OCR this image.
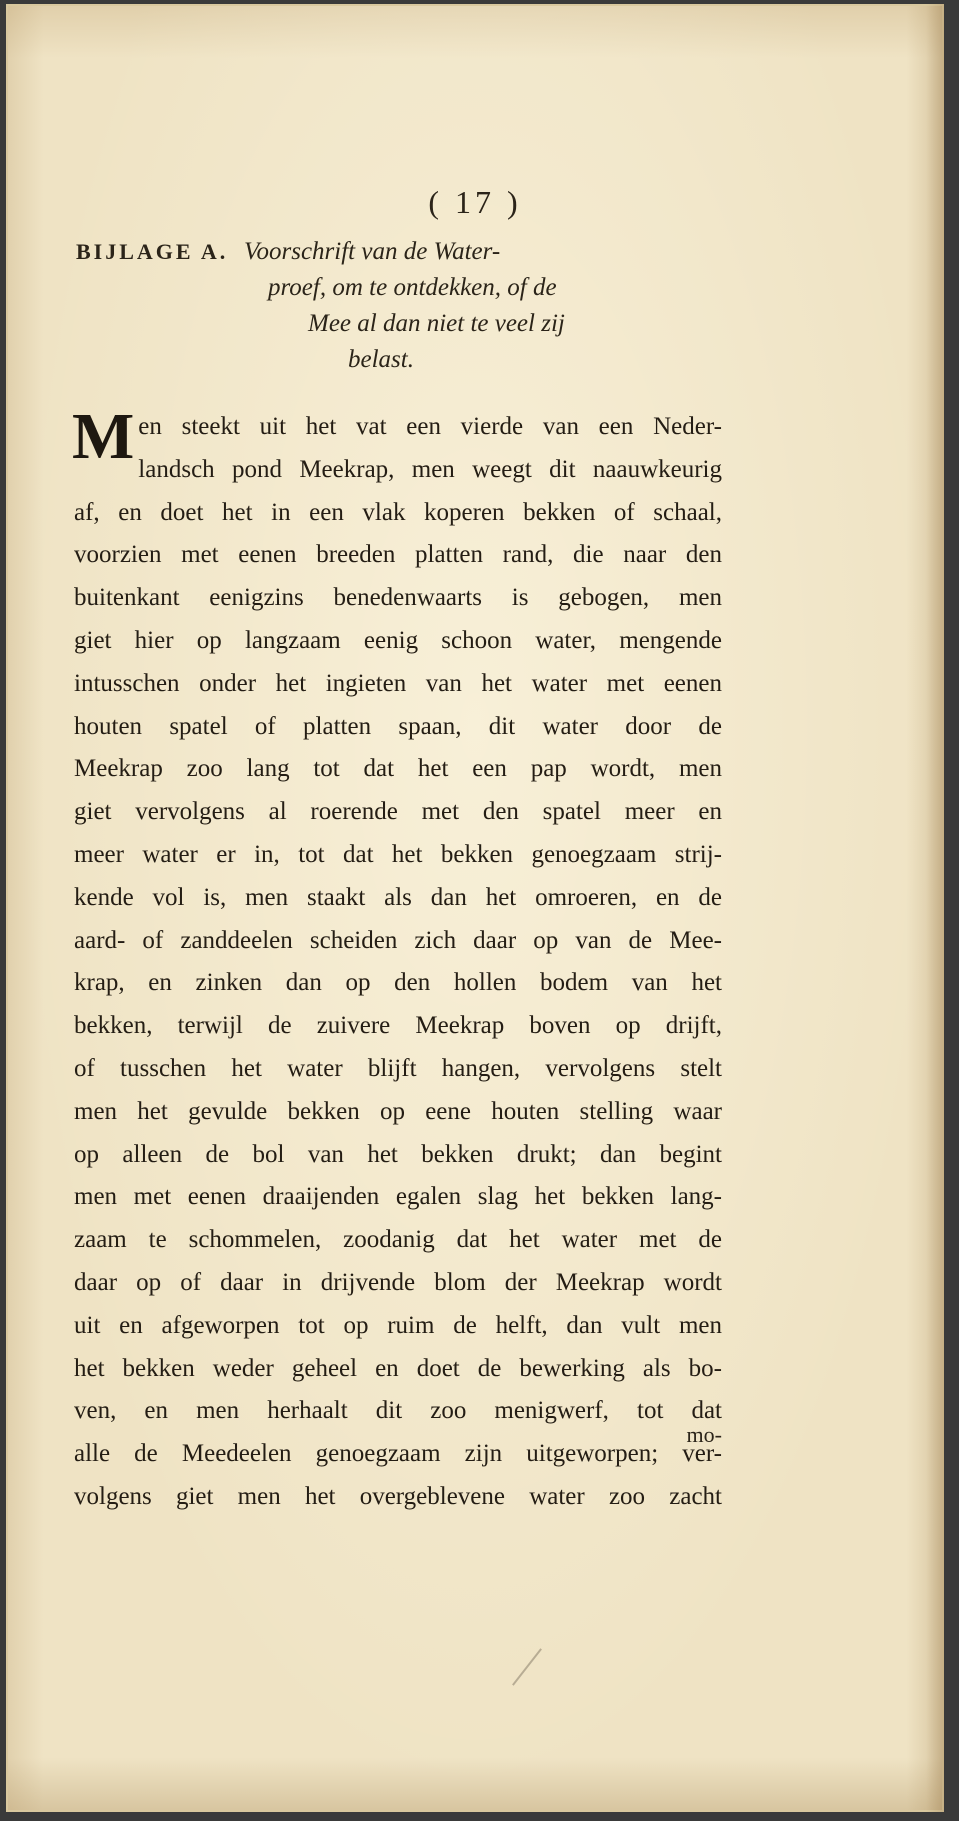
( 17 )
BIJLAGE A. Voorschrift van de Water-
proef, om te ontdekken, of de
Mee al dan niet te veel zij
belast.
M en steekt uit het vat een vierde van een Neder-
landsch pond Meekrap, men weegt dit naauwkeurig
af, en doet het in een vlak koperen bekken of schaal,
voorzien met eenen breeden platten rand, die naar den
buitenkant eenigzins benedenwaarts is gebogen, men
giet hier op langzaam eenig schoon water, mengende
intusschen onder het ingieten van het water met eenen
houten spatel of platten spaan, dit water door de
Meekrap zoo lang tot dat het een pap wordt, men
giet vervolgens al roerende met den spatel meer en
meer water er in, tot dat het bekken genoegzaam strij-
kende vol is, men staakt als dan het omroeren, en de
aard- of zanddeelen scheiden zich daar op van de Mee-
krap, en zinken dan op den hollen bodem van het
bekken, terwijl de zuivere Meekrap boven op drijft,
of tusschen het water blijft hangen, vervolgens stelt
men het gevulde bekken op eene houten stelling waar
op alleen de bol van het bekken drukt; dan begint
men met eenen draaijenden egalen slag het bekken lang-
zaam te schommelen, zoodanig dat het water met de
daar op of daar in drijvende blom der Meekrap wordt
uit en afgeworpen tot op ruim de helft, dan vult men
het bekken weder geheel en doet de bewerking als bo-
ven, en men herhaalt dit zoo menigwerf, tot dat
alle de Meedeelen genoegzaam zijn uitgeworpen; ver-
volgens giet men het overgeblevene water zoo zacht
mo-
